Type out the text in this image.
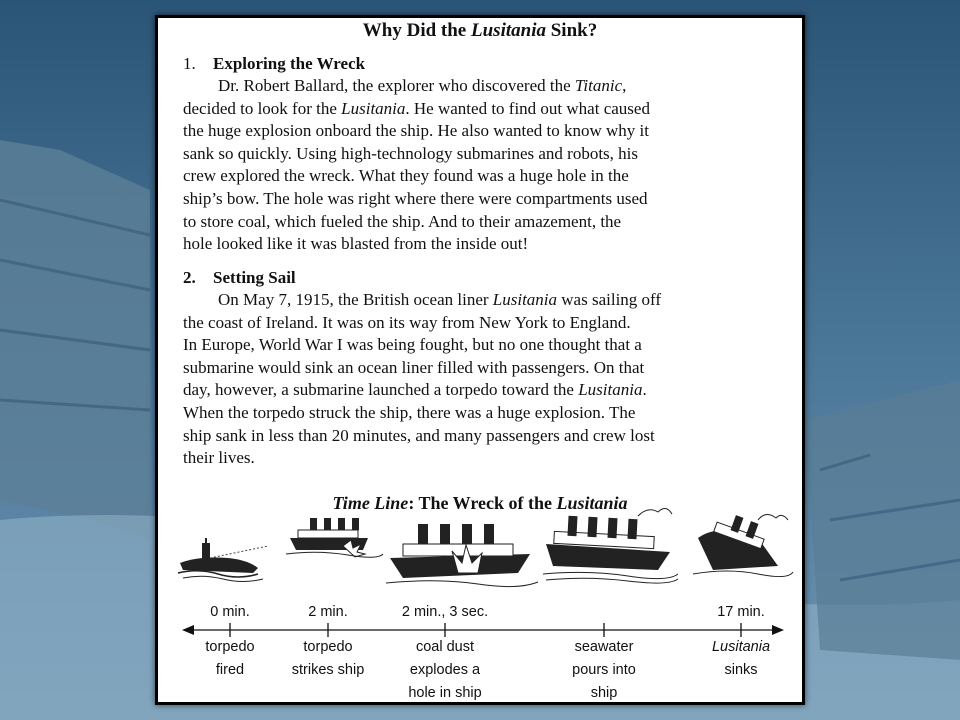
Why Did the Lusitania Sink?
1. Exploring the Wreck
Dr. Robert Ballard, the explorer who discovered the Titanic,
decided to look for the Lusitania. He wanted to find out what caused
the huge explosion onboard the ship. He also wanted to know why it
sank so quickly. Using high-technology submarines and robots, his
crew explored the wreck. What they found was a huge hole in the
ship’s bow. The hole was right where there were compartments used
to store coal, which fueled the ship. And to their amazement, the
hole looked like it was blasted from the inside out!
2. Setting Sail
On May 7, 1915, the British ocean liner Lusitania was sailing off
the coast of Ireland. It was on its way from New York to England.
In Europe, World War I was being fought, but no one thought that a
submarine would sink an ocean liner filled with passengers. On that
day, however, a submarine launched a torpedo toward the Lusitania.
When the torpedo struck the ship, there was a huge explosion. The
ship sank in less than 20 minutes, and many passengers and crew lost
their lives.
Time Line: The Wreck of the Lusitania
0 min.
torpedo
fired
2 min.
torpedo
strikes ship
2 min., 3 sec.
coal dust
explodes a
hole in ship
seawater
pours into
ship
17 min.
Lusitania
sinks
